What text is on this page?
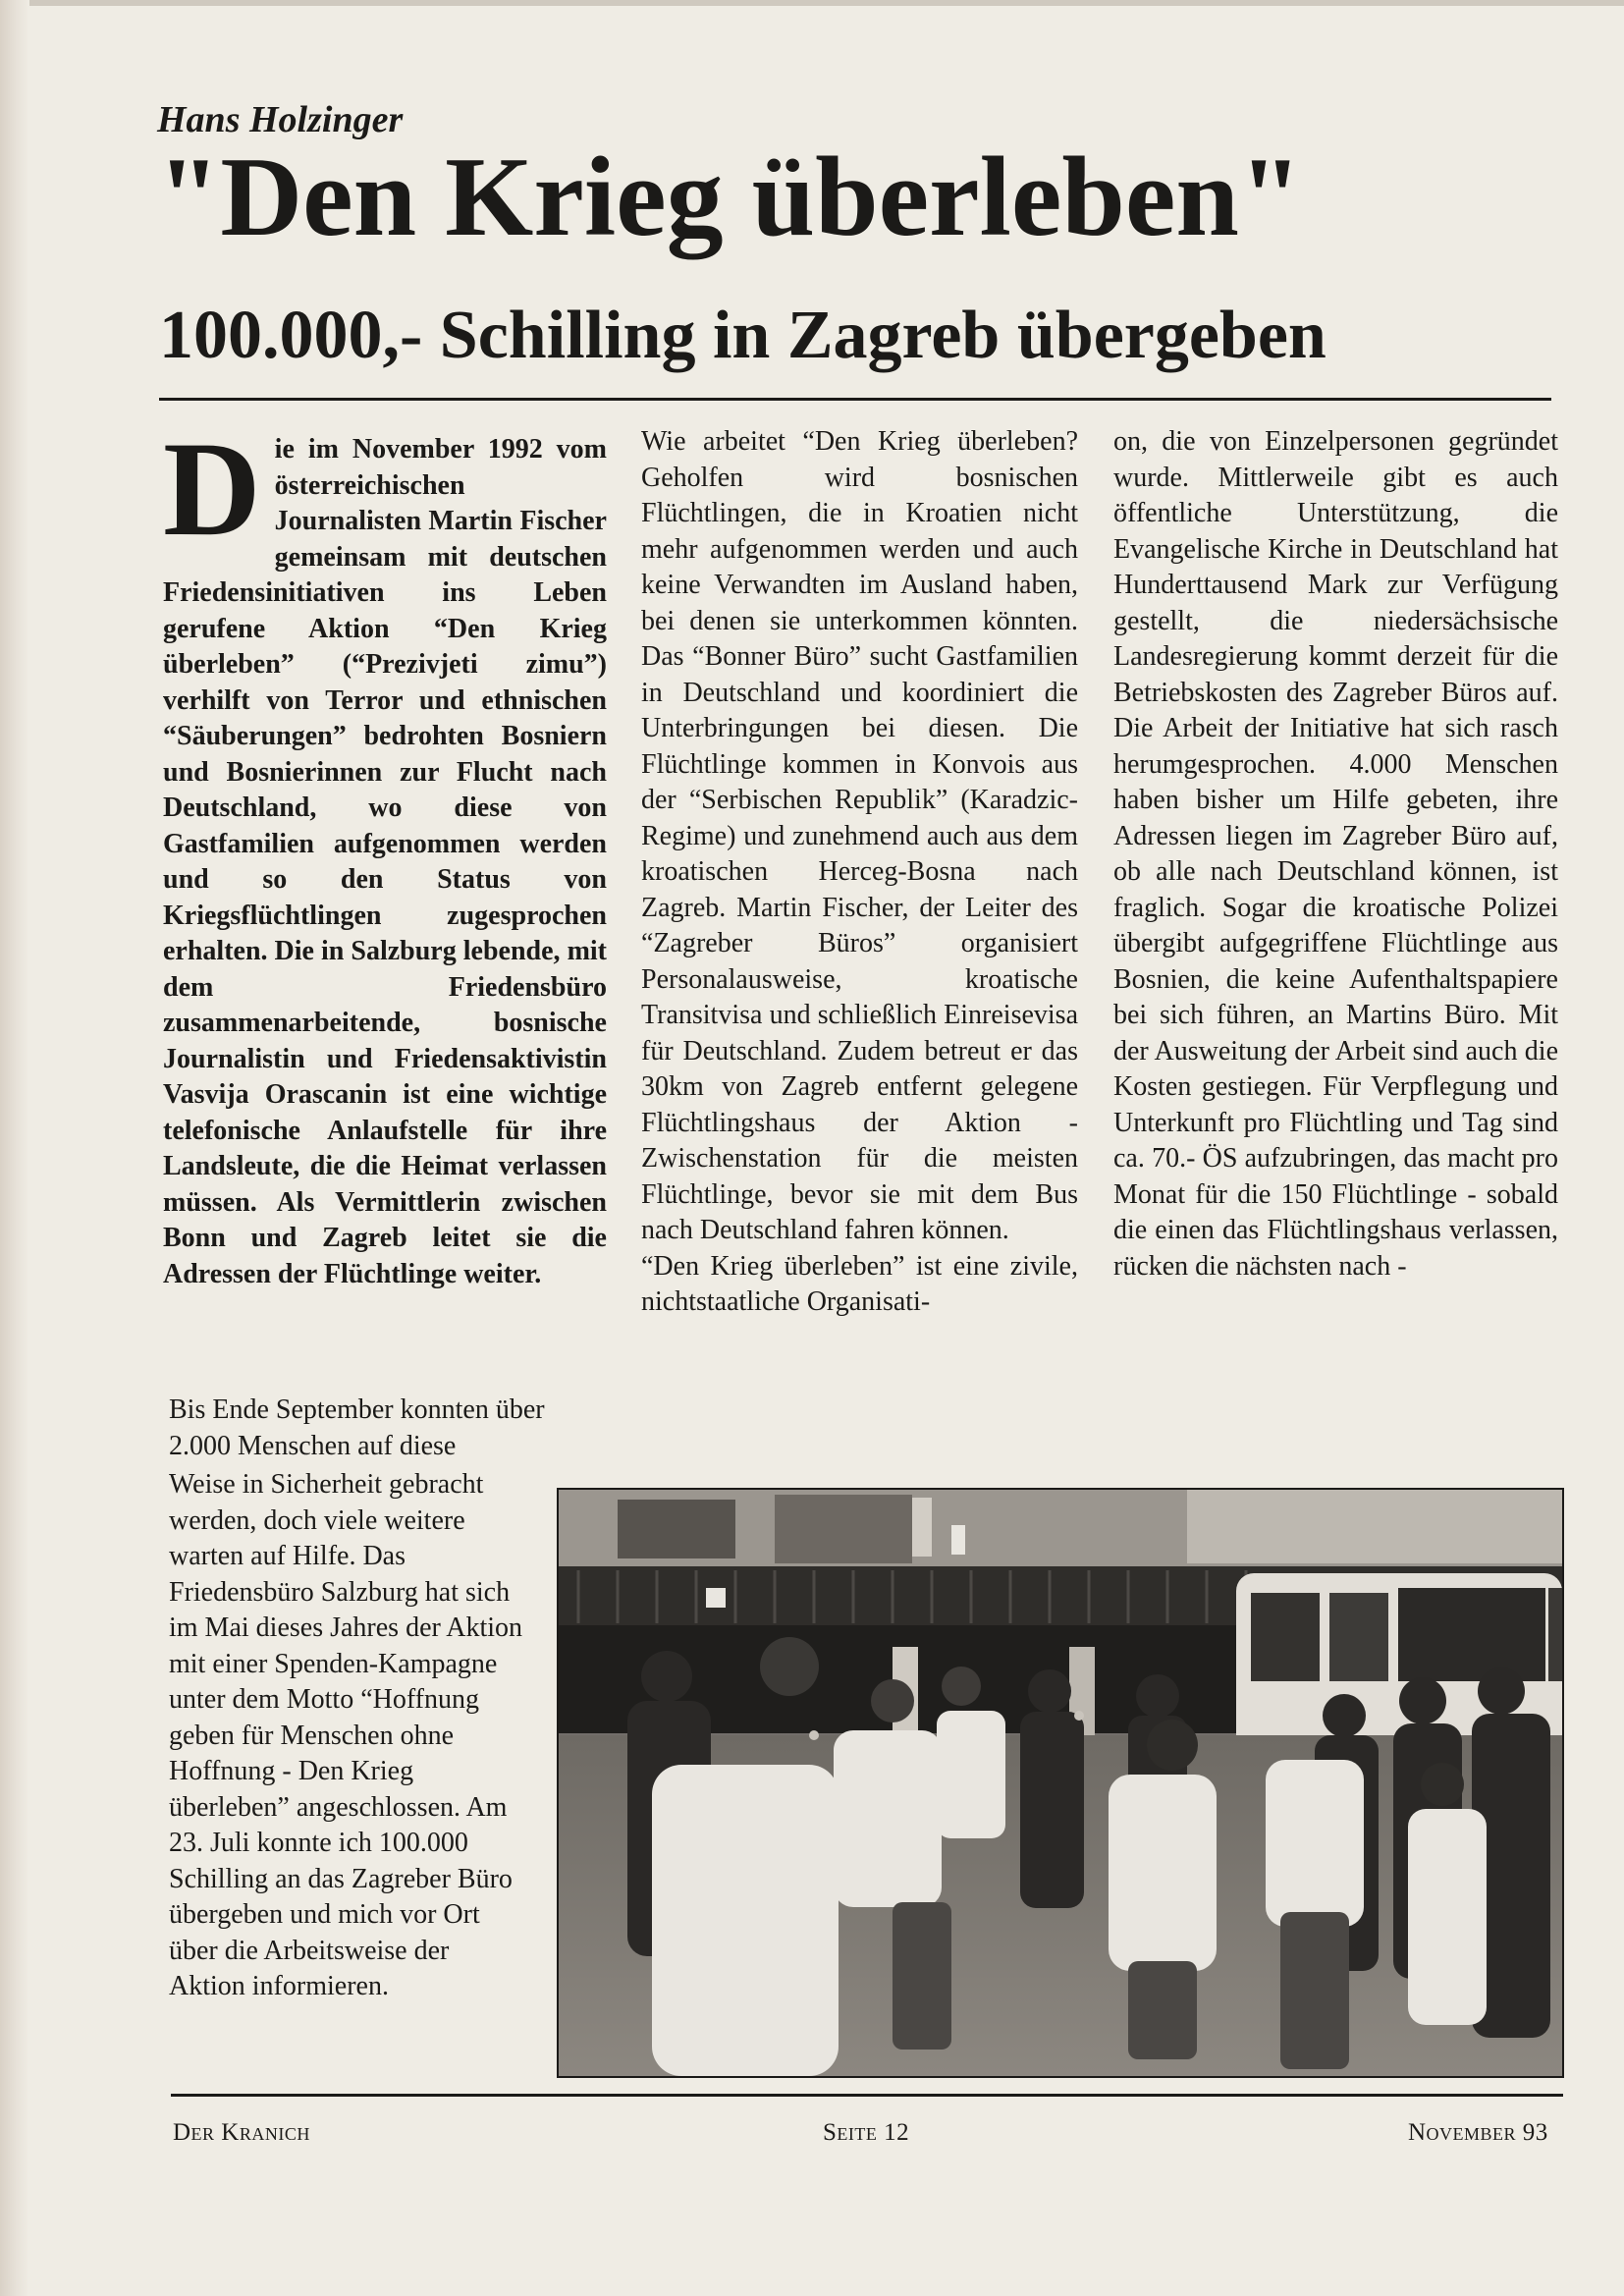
Hans Holzinger
"Den Krieg überleben"
100.000,- Schilling in Zagreb übergeben

Die im November 1992 vom österreichischen Journalisten Martin Fischer gemeinsam mit deutschen Friedensinitiativen ins Leben gerufene Aktion “Den Krieg überleben” (“Prezivjeti zimu”) verhilft von Terror und ethnischen “Säuberungen” bedrohten Bosniern und Bosnierinnen zur Flucht nach Deutschland, wo diese von Gastfamilien aufgenommen werden und so den Status von Kriegsflüchtlingen zugesprochen erhalten. Die in Salzburg lebende, mit dem Friedensbüro zusammenarbeitende, bosnische Journalistin und Friedensaktivistin Vasvija Orascanin ist eine wichtige telefonische Anlaufstelle für ihre Landsleute, die die Heimat verlassen müssen. Als Vermittlerin zwischen Bonn und Zagreb leitet sie die Adressen der Flüchtlinge weiter.

Bis Ende September konnten über 2.000 Menschen auf diese

Weise in Sicherheit gebracht werden, doch viele weitere warten auf Hilfe. Das Friedensbüro Salzburg hat sich im Mai dieses Jahres der Aktion mit einer Spenden-Kampagne unter dem Motto “Hoffnung geben für Menschen ohne Hoffnung - Den Krieg überleben” angeschlossen. Am 23. Juli konnte ich 100.000 Schilling an das Zagreber Büro übergeben und mich vor Ort über die Arbeitsweise der Aktion informieren.

Wie arbeitet “Den Krieg überleben? Geholfen wird bosnischen Flüchtlingen, die in Kroatien nicht mehr aufgenommen werden und auch keine Verwandten im Ausland haben, bei denen sie unterkommen könnten. Das “Bonner Büro” sucht Gastfamilien in Deutschland und koordiniert die Unterbringungen bei diesen. Die Flüchtlinge kommen in Konvois aus der “Serbischen Republik” (Karadzic-Regime) und zunehmend auch aus dem kroatischen Herceg-Bosna nach Zagreb. Martin Fischer, der Leiter des “Zagreber Büros” organisiert Personalausweise, kroatische Transitvisa und schließlich Einreisevisa für Deutschland. Zudem betreut er das 30km von Zagreb entfernt gelegene Flüchtlingshaus der Aktion - Zwischenstation für die meisten Flüchtlinge, bevor sie mit dem Bus nach Deutschland fahren können.
“Den Krieg überleben” ist eine zivile, nichtstaatliche Organisati-

on, die von Einzelpersonen gegründet wurde. Mittlerweile gibt es auch öffentliche Unterstützung, die Evangelische Kirche in Deutschland hat Hunderttausend Mark zur Verfügung gestellt, die niedersächsische Landesregierung kommt derzeit für die Betriebskosten des Zagreber Büros auf. Die Arbeit der Initiative hat sich rasch herumgesprochen. 4.000 Menschen haben bisher um Hilfe gebeten, ihre Adressen liegen im Zagreber Büro auf, ob alle nach Deutschland können, ist fraglich. Sogar die kroatische Polizei übergibt aufgegriffene Flüchtlinge aus Bosnien, die keine Aufenthaltspapiere bei sich führen, an Martins Büro. Mit der Ausweitung der Arbeit sind auch die Kosten gestiegen. Für Verpflegung und Unterkunft pro Flüchtling und Tag sind ca. 70.- ÖS aufzubringen, das macht pro Monat für die 150 Flüchtlinge - sobald die einen das Flüchtlingshaus verlassen, rücken die nächsten nach -

Der Kranich	Seite 12	November 93
